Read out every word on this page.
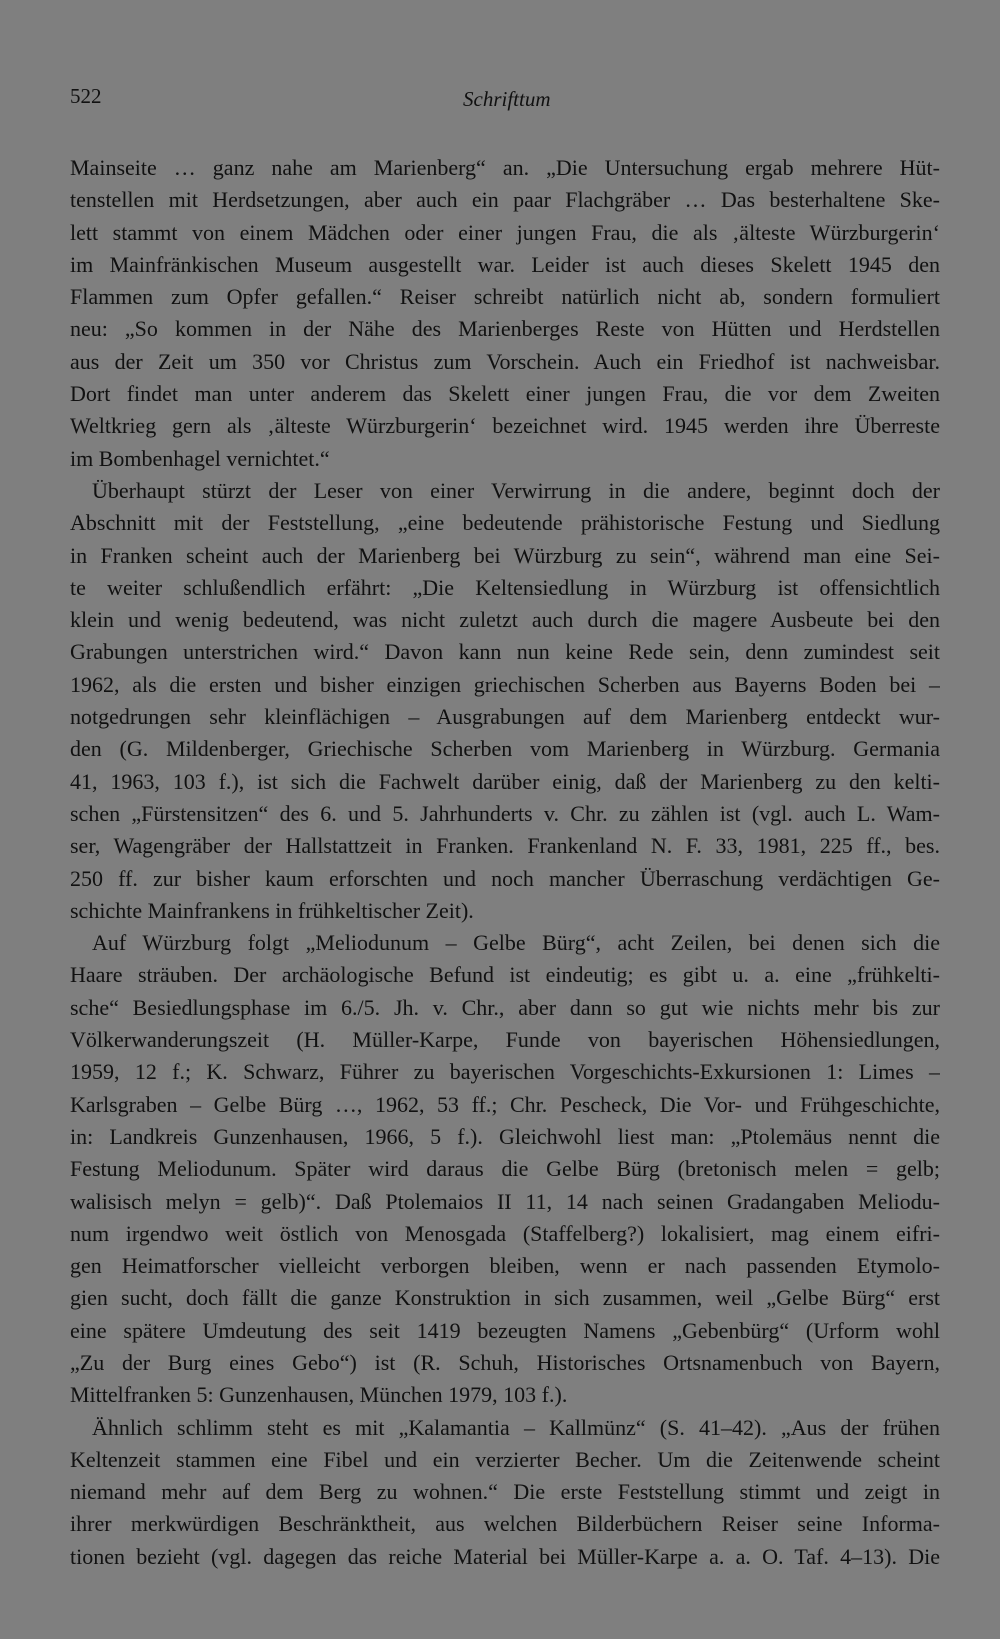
522	Schrifttum
Mainseite … ganz nahe am Marienberg“ an. „Die Untersuchung ergab mehrere Hüt-
tenstellen mit Herdsetzungen, aber auch ein paar Flachgräber … Das besterhaltene Ske-
lett stammt von einem Mädchen oder einer jungen Frau, die als ‚älteste Würzburgerin‘
im Mainfränkischen Museum ausgestellt war. Leider ist auch dieses Skelett 1945 den
Flammen zum Opfer gefallen.“ Reiser schreibt natürlich nicht ab, sondern formuliert
neu: „So kommen in der Nähe des Marienberges Reste von Hütten und Herdstellen
aus der Zeit um 350 vor Christus zum Vorschein. Auch ein Friedhof ist nachweisbar.
Dort findet man unter anderem das Skelett einer jungen Frau, die vor dem Zweiten
Weltkrieg gern als ‚älteste Würzburgerin‘ bezeichnet wird. 1945 werden ihre Überreste
im Bombenhagel vernichtet.“
Überhaupt stürzt der Leser von einer Verwirrung in die andere, beginnt doch der
Abschnitt mit der Feststellung, „eine bedeutende prähistorische Festung und Siedlung
in Franken scheint auch der Marienberg bei Würzburg zu sein“, während man eine Sei-
te weiter schlußendlich erfährt: „Die Keltensiedlung in Würzburg ist offensichtlich
klein und wenig bedeutend, was nicht zuletzt auch durch die magere Ausbeute bei den
Grabungen unterstrichen wird.“ Davon kann nun keine Rede sein, denn zumindest seit
1962, als die ersten und bisher einzigen griechischen Scherben aus Bayerns Boden bei –
notgedrungen sehr kleinflächigen – Ausgrabungen auf dem Marienberg entdeckt wur-
den (G. Mildenberger, Griechische Scherben vom Marienberg in Würzburg. Germania
41, 1963, 103 f.), ist sich die Fachwelt darüber einig, daß der Marienberg zu den kelti-
schen „Fürstensitzen“ des 6. und 5. Jahrhunderts v. Chr. zu zählen ist (vgl. auch L. Wam-
ser, Wagengräber der Hallstattzeit in Franken. Frankenland N. F. 33, 1981, 225 ff., bes.
250 ff. zur bisher kaum erforschten und noch mancher Überraschung verdächtigen Ge-
schichte Mainfrankens in frühkeltischer Zeit).
Auf Würzburg folgt „Meliodunum – Gelbe Bürg“, acht Zeilen, bei denen sich die
Haare sträuben. Der archäologische Befund ist eindeutig; es gibt u. a. eine „frühkelti-
sche“ Besiedlungsphase im 6./5. Jh. v. Chr., aber dann so gut wie nichts mehr bis zur
Völkerwanderungszeit (H. Müller-Karpe, Funde von bayerischen Höhensiedlungen,
1959, 12 f.; K. Schwarz, Führer zu bayerischen Vorgeschichts-Exkursionen 1: Limes –
Karlsgraben – Gelbe Bürg …, 1962, 53 ff.; Chr. Pescheck, Die Vor- und Frühgeschichte,
in: Landkreis Gunzenhausen, 1966, 5 f.). Gleichwohl liest man: „Ptolemäus nennt die
Festung Meliodunum. Später wird daraus die Gelbe Bürg (bretonisch melen = gelb;
walisisch melyn = gelb)“. Daß Ptolemaios II 11, 14 nach seinen Gradangaben Meliodu-
num irgendwo weit östlich von Menosgada (Staffelberg?) lokalisiert, mag einem eifri-
gen Heimatforscher vielleicht verborgen bleiben, wenn er nach passenden Etymolo-
gien sucht, doch fällt die ganze Konstruktion in sich zusammen, weil „Gelbe Bürg“ erst
eine spätere Umdeutung des seit 1419 bezeugten Namens „Gebenbürg“ (Urform wohl
„Zu der Burg eines Gebo“) ist (R. Schuh, Historisches Ortsnamenbuch von Bayern,
Mittelfranken 5: Gunzenhausen, München 1979, 103 f.).
Ähnlich schlimm steht es mit „Kalamantia – Kallmünz“ (S. 41–42). „Aus der frühen
Keltenzeit stammen eine Fibel und ein verzierter Becher. Um die Zeitenwende scheint
niemand mehr auf dem Berg zu wohnen.“ Die erste Feststellung stimmt und zeigt in
ihrer merkwürdigen Beschränktheit, aus welchen Bilderbüchern Reiser seine Informa-
tionen bezieht (vgl. dagegen das reiche Material bei Müller-Karpe a. a. O. Taf. 4–13). Die
